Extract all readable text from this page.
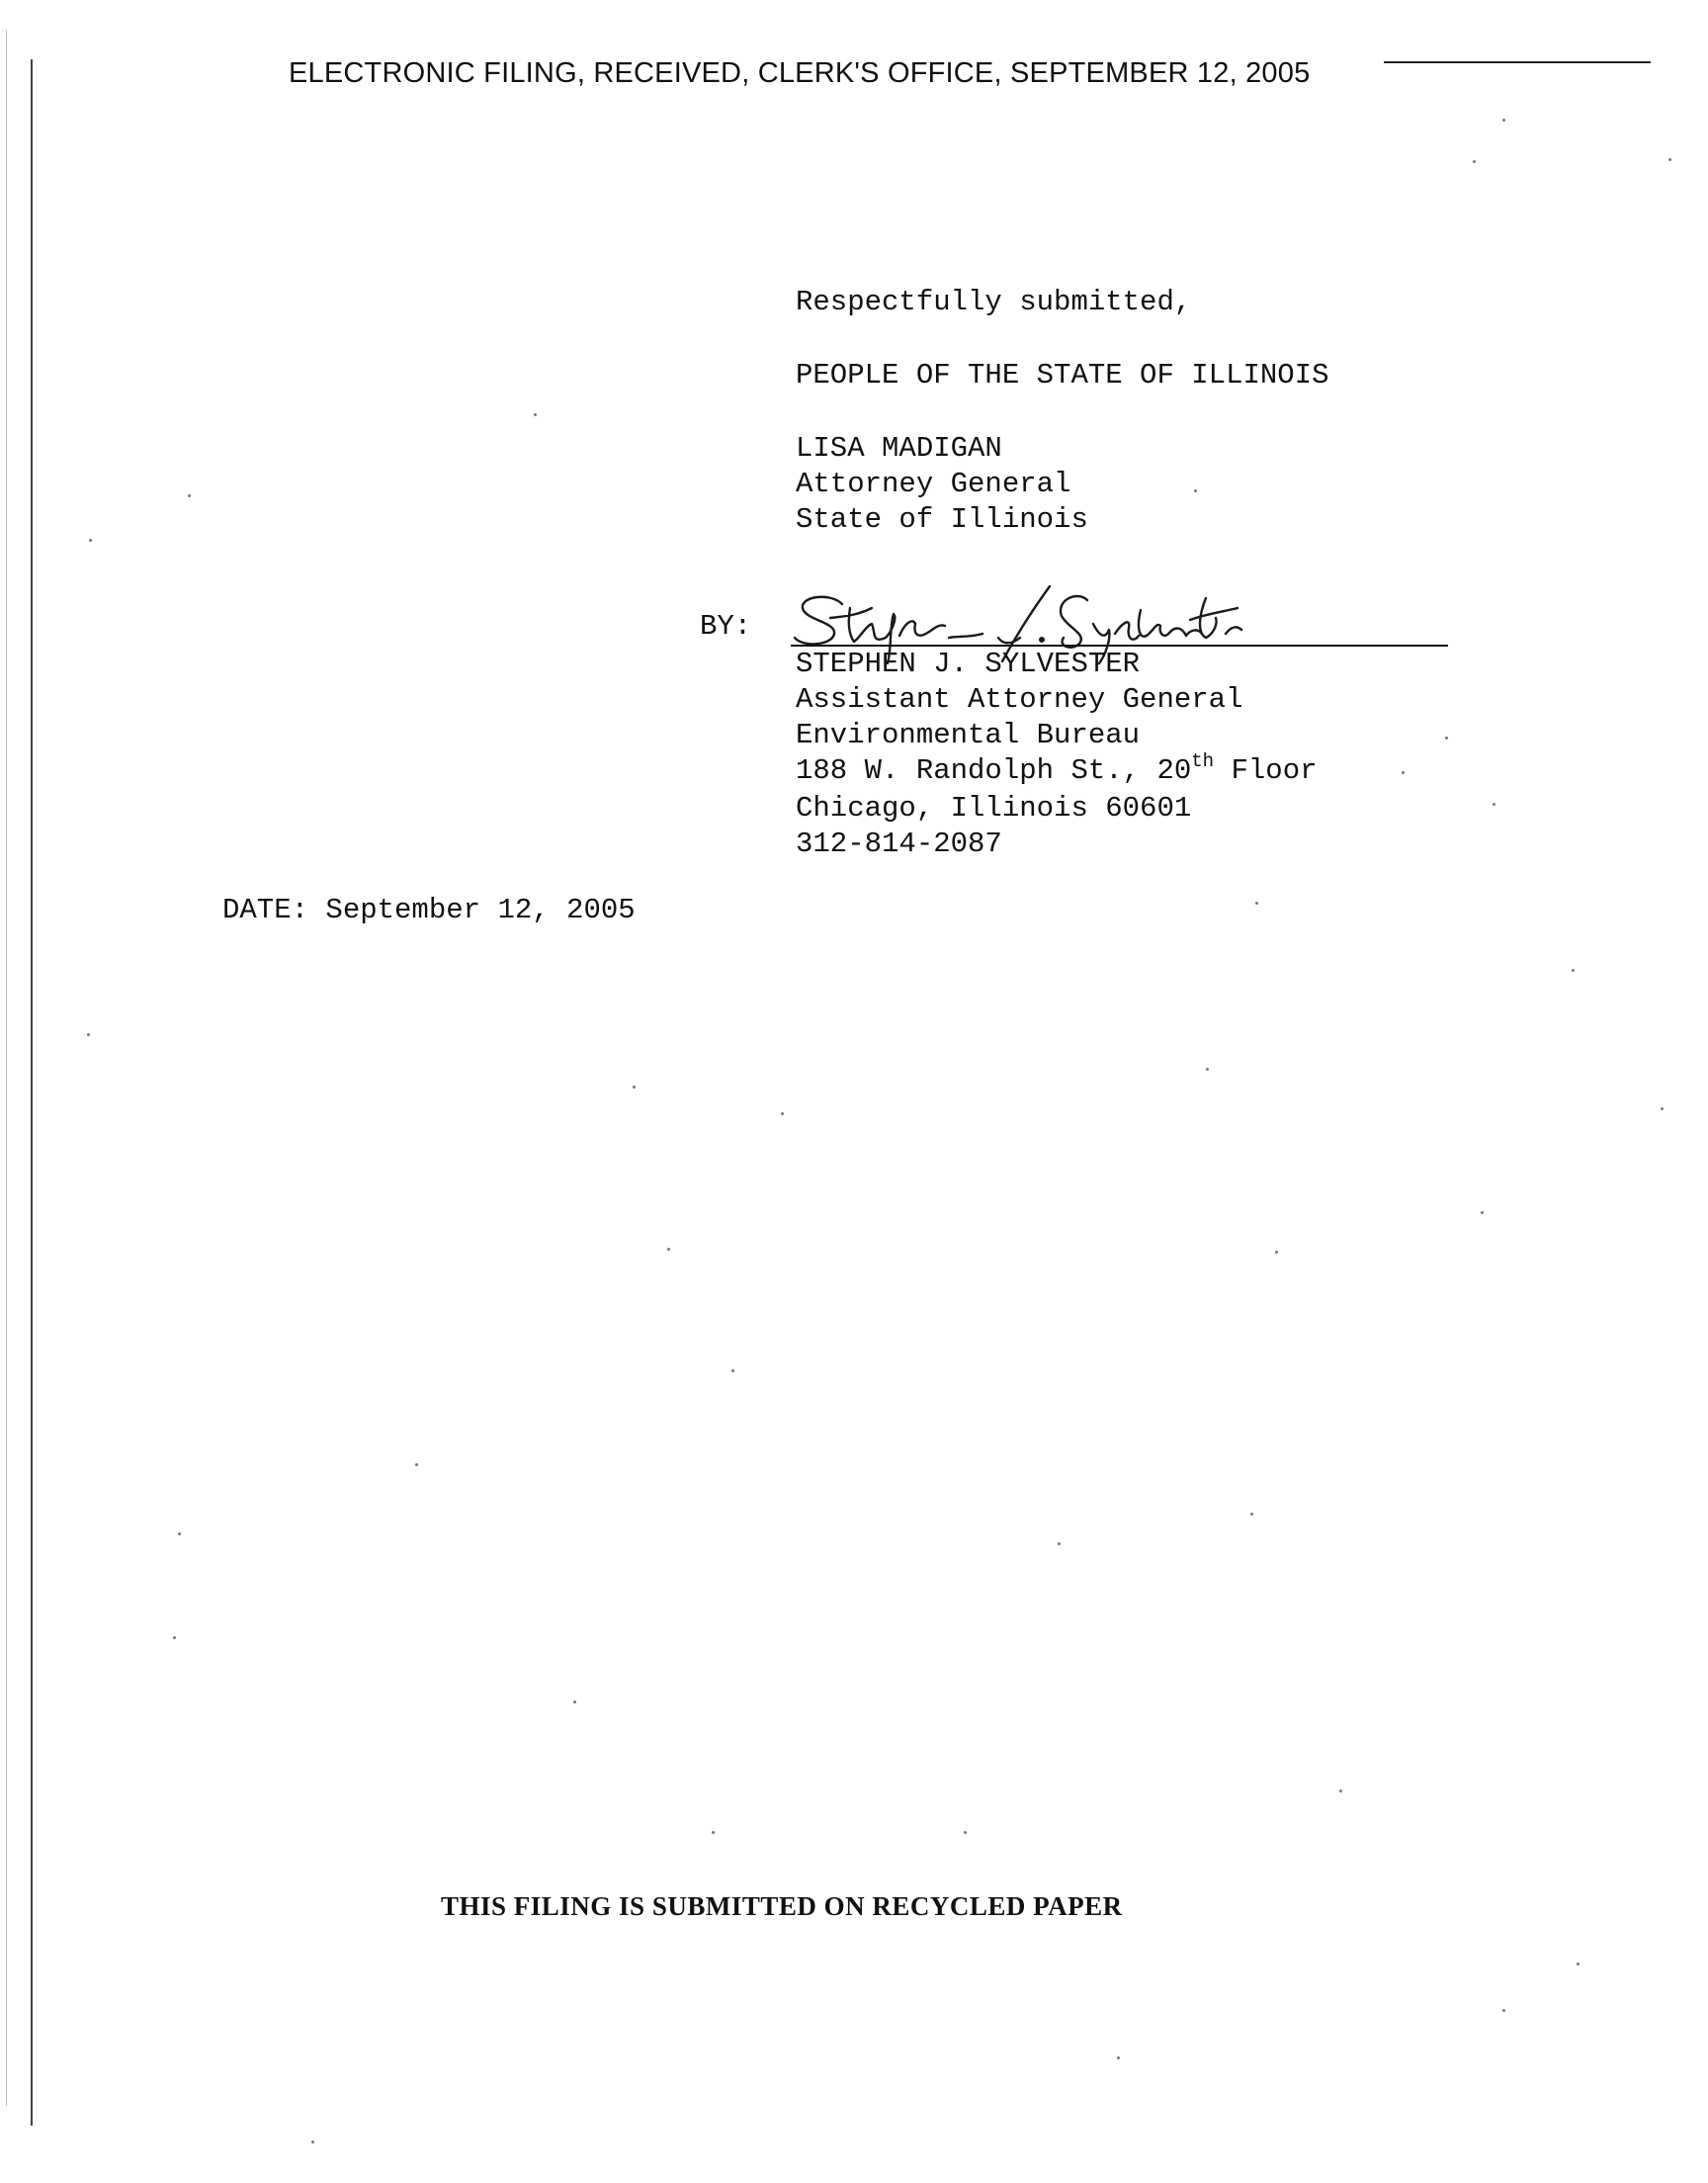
ELECTRONIC FILING, RECEIVED, CLERK'S OFFICE, SEPTEMBER 12, 2005
Respectfully submitted,
PEOPLE OF THE STATE OF ILLINOIS
LISA MADIGAN
Attorney General
State of Illinois
BY:
STEPHEN J. SYLVESTER
Assistant Attorney General
Environmental Bureau
188 W. Randolph St., 20th Floor
Chicago, Illinois 60601
312-814-2087
DATE: September 12, 2005
THIS FILING IS SUBMITTED ON RECYCLED PAPER
